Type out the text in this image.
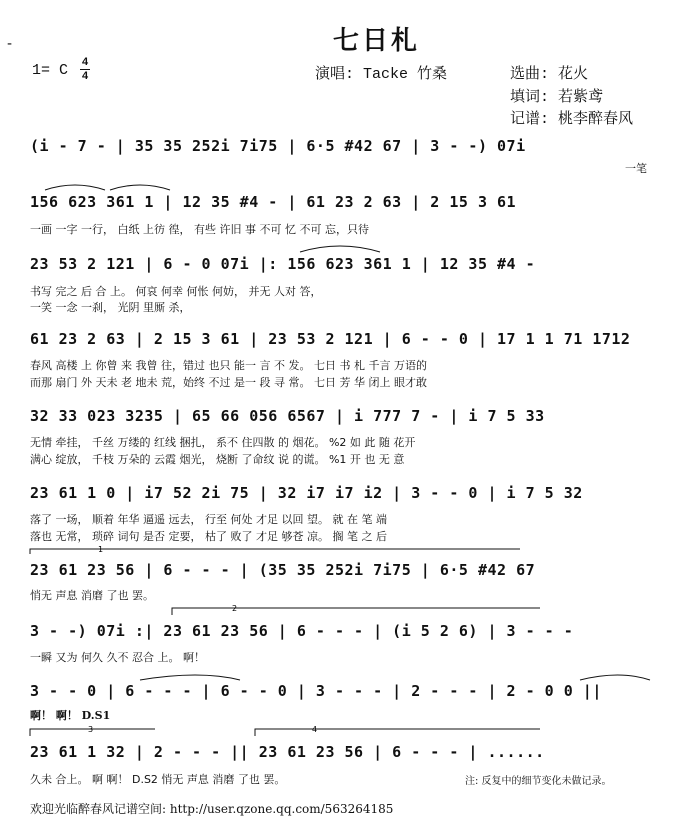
-	七日札
1= C 4
4	演唱: Tacke 竹桑	选曲: 花火
填词: 若紫鸢
记谱: 桃李醉春风
(i - 7 - | 35 35 252i 7i75 | 6·5 #42 67 | 3 - -) 07i
一笔
156 623 361 1 | 12 35 #4 - | 61 23 2 63 | 2 15 3 61
一画 一字 一行， 白纸 上彷 徨， 有些 许旧 事 不可 忆 不可 忘，只待
23 53 2 121 | 6 - 0 07i |: 156 623 361 1 | 12 35 #4 -
书写 完之 后 合 上。 何哀 何幸 何怅 何妨， 并无 人对 答，
一笑 一念 一刹， 光阴 里厮 杀，
61 23 2 63 | 2 15 3 61 | 23 53 2 121 | 6 - - 0 | 17 1 1 71 1712
春风 高楼 上 你曾 来 我曾 往，错过 也只 能一 言 不 发。 七日 书 札 千言 万语的
而那 扇门 外 天未 老 地未 荒，始终 不过 是一 段 寻 常。 七日 芳 华 闭上 眼才敢
32 33 023 3235 | 65 66 056 6567 | i 777 7 - | i 7 5 33
无情 牵挂， 千丝 万缕的 红线 捆扎， 系不 住四散 的 烟花。 %2 如 此 随 花开
满心 绽放， 千枝 万朵的 云霞 烟光， 烧断 了命纹 说 的谎。 %1 开 也 无 意
23 61 1 0 | i7 52 2i 75 | 32 i7 i7 i2 | 3 - - 0 | i 7 5 32
落了 一场， 顺着 年华 逼遥 远去， 行至 何处 才足 以回 望。 就 在 笔 端
落也 无常， 琐碎 词句 是否 定要， 枯了 败了 才足 够苍 凉。 搁 笔 之 后
23 61 23 56 | 6 - - - | (35 35 252i 7i75 | 6·5 #42 67
悄无 声息 消磨 了也 罢。
3 - -) 07i :| 23 61 23 56 | 6 - - - | (i 5 2 6) | 3 - - -
一瞬 又为 何久 久不 忍合 上。 啊！
3 - - 0 | 6 - - - | 6 - - 0 | 3 - - - | 2 - - - | 2 - 0 0 ||
啊！ 啊！ D.S1
23 61 1 32 | 2 - - - || 23 61 23 56 | 6 - - - | ......
久未 合上。 啊 啊！ D.S2 悄无 声息 消磨 了也 罢。
1
2
3	4
注: 反复中的细节变化未做记录。
欢迎光临醉春风记谱空间: http://user.qzone.qq.com/563264185
